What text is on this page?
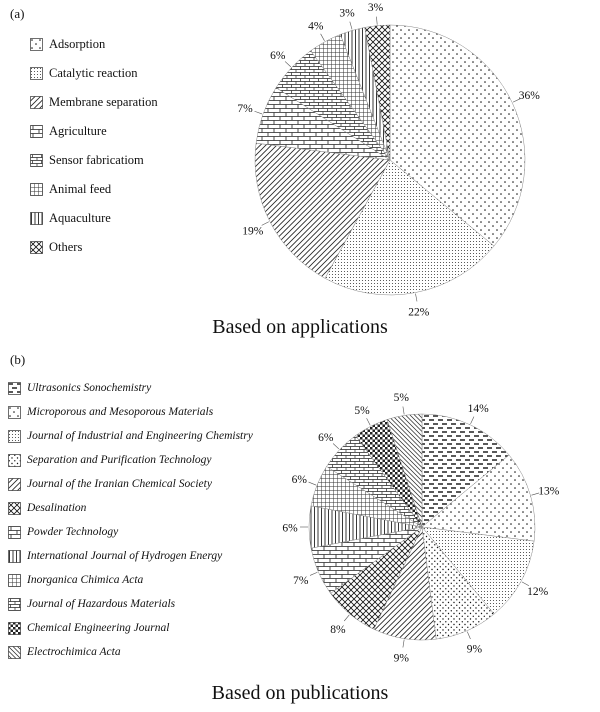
(a)
Adsorption
Catalytic reaction
Membrane separation
Agriculture
Sensor fabricatiom
Animal feed
Aquaculture
Others
36%
22%
19%
7%
6%
4%
3% 3%
Based on applications
(b)
Ultrasonics Sonochemistry
Microporous and Mesoporous Materials
Journal of Industrial and Engineering Chemistry
Separation and Purification Technology
Journal of the Iranian Chemical Society
Desalination
Powder Technology
International Journal of Hydrogen Energy
Inorganica Chimica Acta
Journal of Hazardous Materials
Chemical Engineering Journal
Electrochimica Acta
14%
13%
12%
9%
9%
8%
7%
6%
6%
6%
5%
5%
Based on publications
